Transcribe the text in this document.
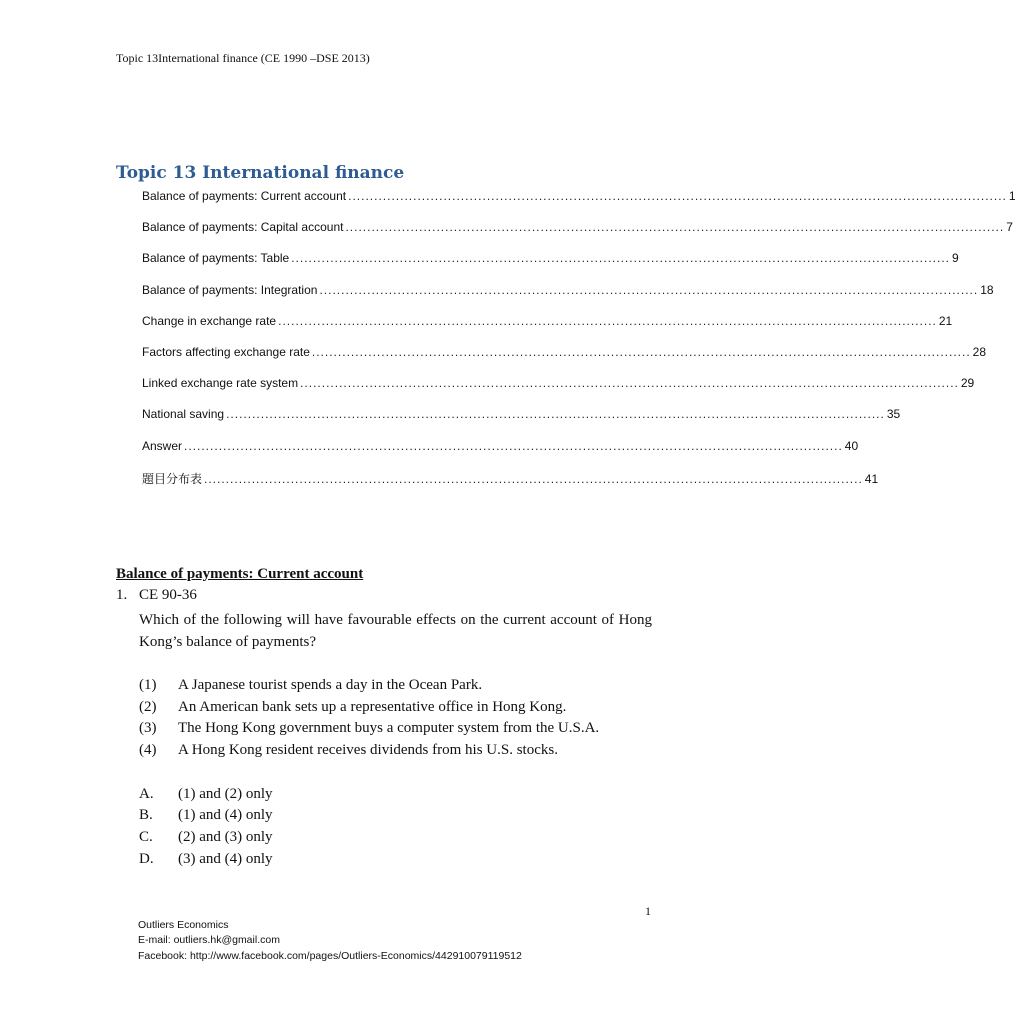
Topic 13International finance (CE 1990 –DSE 2013)
Topic 13 International finance
Balance of payments: Current account ........................................................................................................................................................ 1
Balance of payments: Capital account ........................................................................................................................................................ 7
Balance of payments: Table ........................................................................................................................................................ 9
Balance of payments: Integration ........................................................................................................................................................ 18
Change in exchange rate ........................................................................................................................................................ 21
Factors affecting exchange rate ........................................................................................................................................................ 28
Linked exchange rate system ........................................................................................................................................................ 29
National saving ........................................................................................................................................................ 35
Answer ........................................................................................................................................................ 40
題目分布表 ........................................................................................................................................................ 41
Balance of payments: Current account
1. CE 90-36
Which of the following will have favourable effects on the current account of Hong Kong’s balance of payments?
(1)	A Japanese tourist spends a day in the Ocean Park.
(2)	An American bank sets up a representative office in Hong Kong.
(3)	The Hong Kong government buys a computer system from the U.S.A.
(4)	A Hong Kong resident receives dividends from his U.S. stocks.
A.	(1) and (2) only
B.	(1) and (4) only
C.	(2) and (3) only
D.	(3) and (4) only
1
Outliers Economics
E-mail: outliers.hk@gmail.com
Facebook: http://www.facebook.com/pages/Outliers-Economics/442910079119512
